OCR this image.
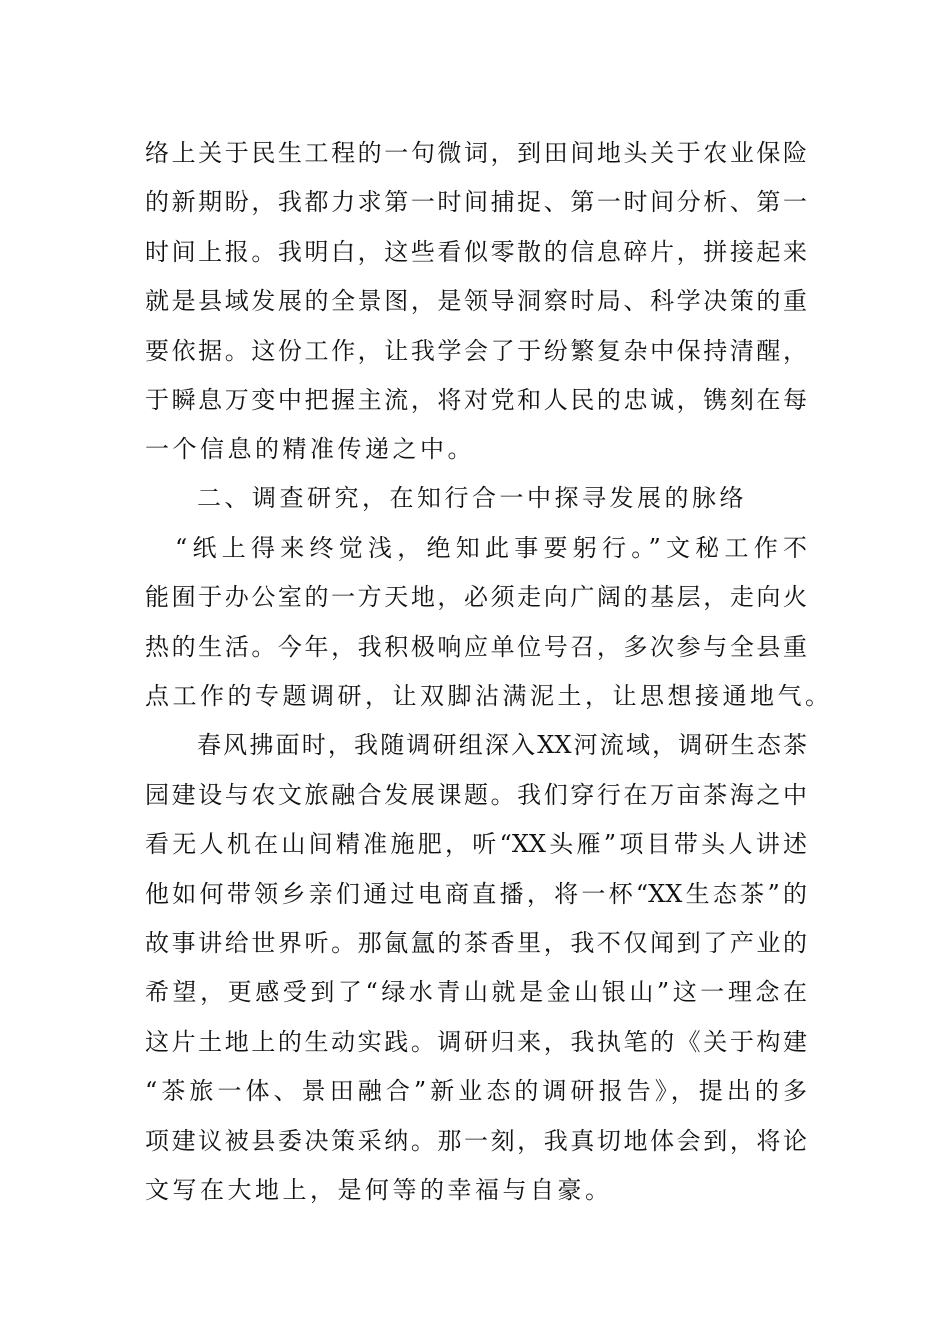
络上关于民生工程的一句微词，到田间地头关于农业保险
的新期盼，我都力求第一时间捕捉、第一时间分析、第一
时间上报。我明白，这些看似零散的信息碎片，拼接起来
就是县域发展的全景图，是领导洞察时局、科学决策的重
要依据。这份工作，让我学会了于纷繁复杂中保持清醒，
于瞬息万变中把握主流，将对党和人民的忠诚，镌刻在每
一个信息的精准传递之中。
二、调查研究，在知行合一中探寻发展的脉络
“纸上得来终觉浅，绝知此事要躬行。”文秘工作不
能囿于办公室的一方天地，必须走向广阔的基层，走向火
热的生活。今年，我积极响应单位号召，多次参与全县重
点工作的专题调研，让双脚沾满泥土，让思想接通地气。
春风拂面时，我随调研组深入XX河流域，调研生态茶
园建设与农文旅融合发展课题。我们穿行在万亩茶海之中
看无人机在山间精准施肥，听“XX头雁”项目带头人讲述
他如何带领乡亲们通过电商直播，将一杯“XX生态茶”的
故事讲给世界听。那氤氲的茶香里，我不仅闻到了产业的
希望，更感受到了“绿水青山就是金山银山”这一理念在
这片土地上的生动实践。调研归来，我执笔的《关于构建
“茶旅一体、景田融合”新业态的调研报告》，提出的多
项建议被县委决策采纳。那一刻，我真切地体会到，将论
文写在大地上，是何等的幸福与自豪。
